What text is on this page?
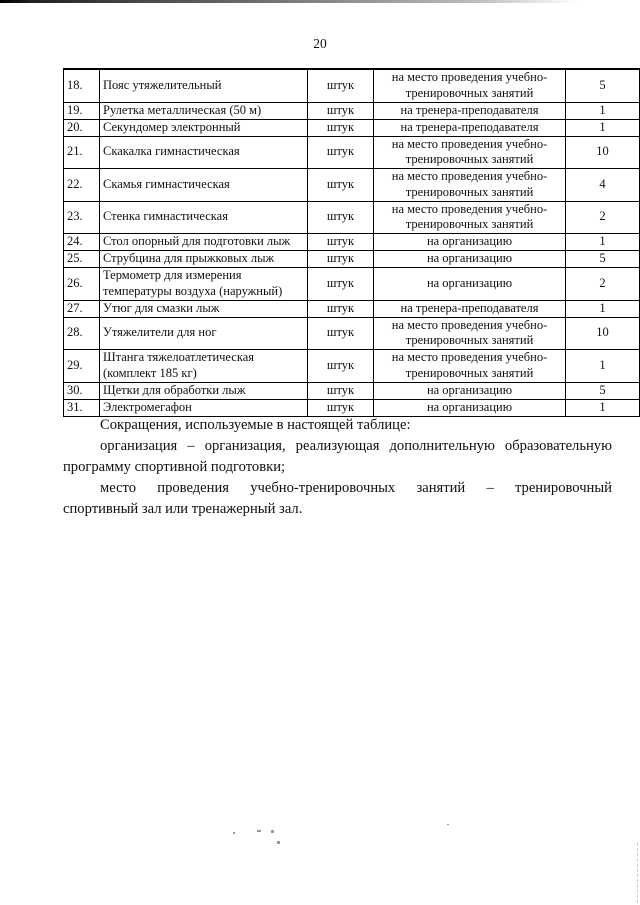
20
18.	Пояс утяжелительный	штук	на место проведения учебно-тренировочных занятий	5
19.	Рулетка металлическая (50 м)	штук	на тренера-преподавателя	1
20.	Секундомер электронный	штук	на тренера-преподавателя	1
21.	Скакалка гимнастическая	штук	на место проведения учебно-тренировочных занятий	10
22.	Скамья гимнастическая	штук	на место проведения учебно-тренировочных занятий	4
23.	Стенка гимнастическая	штук	на место проведения учебно-тренировочных занятий	2
24.	Стол опорный для подготовки лыж	штук	на организацию	1
25.	Струбцина для прыжковых лыж	штук	на организацию	5
26.	Термометр для измерения температуры воздуха (наружный)	штук	на организацию	2
27.	Утюг для смазки лыж	штук	на тренера-преподавателя	1
28.	Утяжелители для ног	штук	на место проведения учебно-тренировочных занятий	10
29.	Штанга тяжелоатлетическая (комплект 185 кг)	штук	на место проведения учебно-тренировочных занятий	1
30.	Щетки для обработки лыж	штук	на организацию	5
31.	Электромегафон	штук	на организацию	1
Сокращения, используемые в настоящей таблице:
организация – организация, реализующая дополнительную образовательную
программу спортивной подготовки;
место проведения учебно-тренировочных занятий – тренировочный
спортивный зал или тренажерный зал.
